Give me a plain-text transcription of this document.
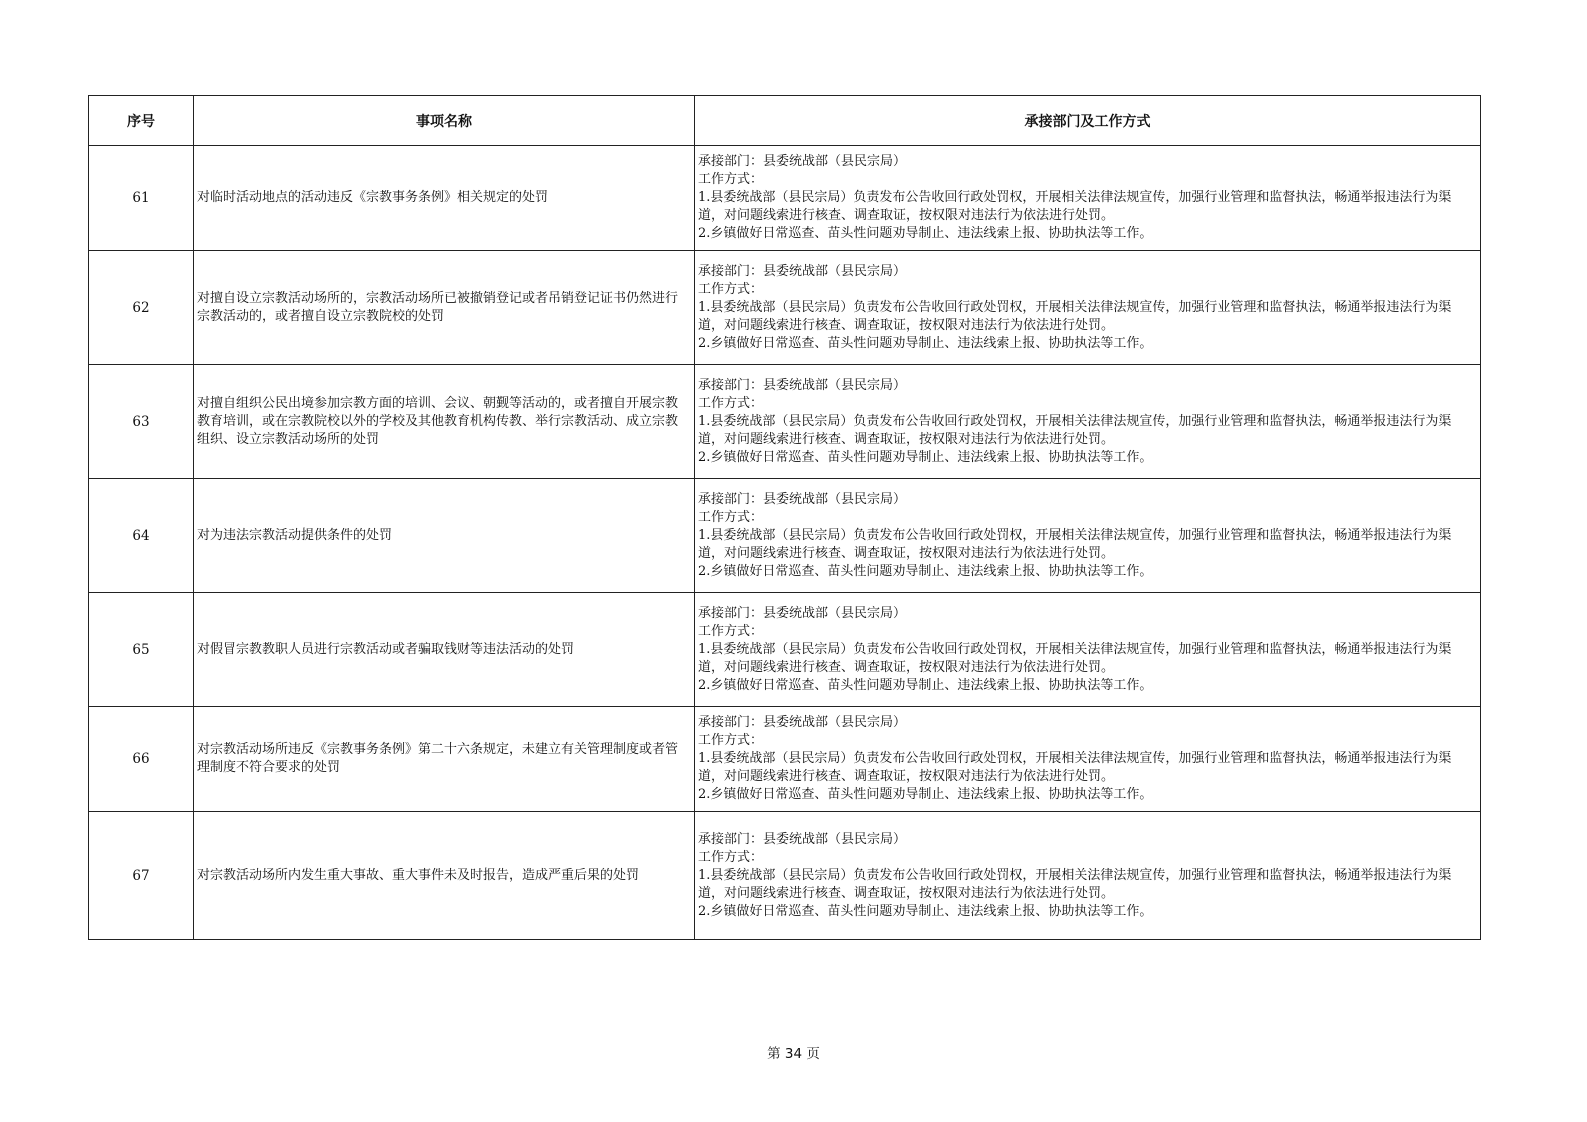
序号	事项名称	承接部门及工作方式
61	对临时活动地点的活动违反《宗教事务条例》相关规定的处罚	承接部门：县委统战部（县民宗局）
工作方式：
1.县委统战部（县民宗局）负责发布公告收回行政处罚权，开展相关法律法规宣传，加强行业管理和监督执法，畅通举报违法行为渠道，对问题线索进行核查、调查取证，按权限对违法行为依法进行处罚。
2.乡镇做好日常巡查、苗头性问题劝导制止、违法线索上报、协助执法等工作。

62	对擅自设立宗教活动场所的，宗教活动场所已被撤销登记或者吊销登记证书仍然进行宗教活动的，或者擅自设立宗教院校的处罚	承接部门：县委统战部（县民宗局）
工作方式：
1.县委统战部（县民宗局）负责发布公告收回行政处罚权，开展相关法律法规宣传，加强行业管理和监督执法，畅通举报违法行为渠道，对问题线索进行核查、调查取证，按权限对违法行为依法进行处罚。
2.乡镇做好日常巡查、苗头性问题劝导制止、违法线索上报、协助执法等工作。

63	对擅自组织公民出境参加宗教方面的培训、会议、朝觐等活动的，或者擅自开展宗教教育培训，或在宗教院校以外的学校及其他教育机构传教、举行宗教活动、成立宗教组织、设立宗教活动场所的处罚	承接部门：县委统战部（县民宗局）
工作方式：
1.县委统战部（县民宗局）负责发布公告收回行政处罚权，开展相关法律法规宣传，加强行业管理和监督执法，畅通举报违法行为渠道，对问题线索进行核查、调查取证，按权限对违法行为依法进行处罚。
2.乡镇做好日常巡查、苗头性问题劝导制止、违法线索上报、协助执法等工作。

64	对为违法宗教活动提供条件的处罚	承接部门：县委统战部（县民宗局）
工作方式：
1.县委统战部（县民宗局）负责发布公告收回行政处罚权，开展相关法律法规宣传，加强行业管理和监督执法，畅通举报违法行为渠道，对问题线索进行核查、调查取证，按权限对违法行为依法进行处罚。
2.乡镇做好日常巡查、苗头性问题劝导制止、违法线索上报、协助执法等工作。

65	对假冒宗教教职人员进行宗教活动或者骗取钱财等违法活动的处罚	承接部门：县委统战部（县民宗局）
工作方式：
1.县委统战部（县民宗局）负责发布公告收回行政处罚权，开展相关法律法规宣传，加强行业管理和监督执法，畅通举报违法行为渠道，对问题线索进行核查、调查取证，按权限对违法行为依法进行处罚。
2.乡镇做好日常巡查、苗头性问题劝导制止、违法线索上报、协助执法等工作。

66	对宗教活动场所违反《宗教事务条例》第二十六条规定，未建立有关管理制度或者管理制度不符合要求的处罚	承接部门：县委统战部（县民宗局）
工作方式：
1.县委统战部（县民宗局）负责发布公告收回行政处罚权，开展相关法律法规宣传，加强行业管理和监督执法，畅通举报违法行为渠道，对问题线索进行核查、调查取证，按权限对违法行为依法进行处罚。
2.乡镇做好日常巡查、苗头性问题劝导制止、违法线索上报、协助执法等工作。

67	对宗教活动场所内发生重大事故、重大事件未及时报告，造成严重后果的处罚	承接部门：县委统战部（县民宗局）
工作方式：
1.县委统战部（县民宗局）负责发布公告收回行政处罚权，开展相关法律法规宣传，加强行业管理和监督执法，畅通举报违法行为渠道，对问题线索进行核查、调查取证，按权限对违法行为依法进行处罚。
2.乡镇做好日常巡查、苗头性问题劝导制止、违法线索上报、协助执法等工作。
第 34 页
